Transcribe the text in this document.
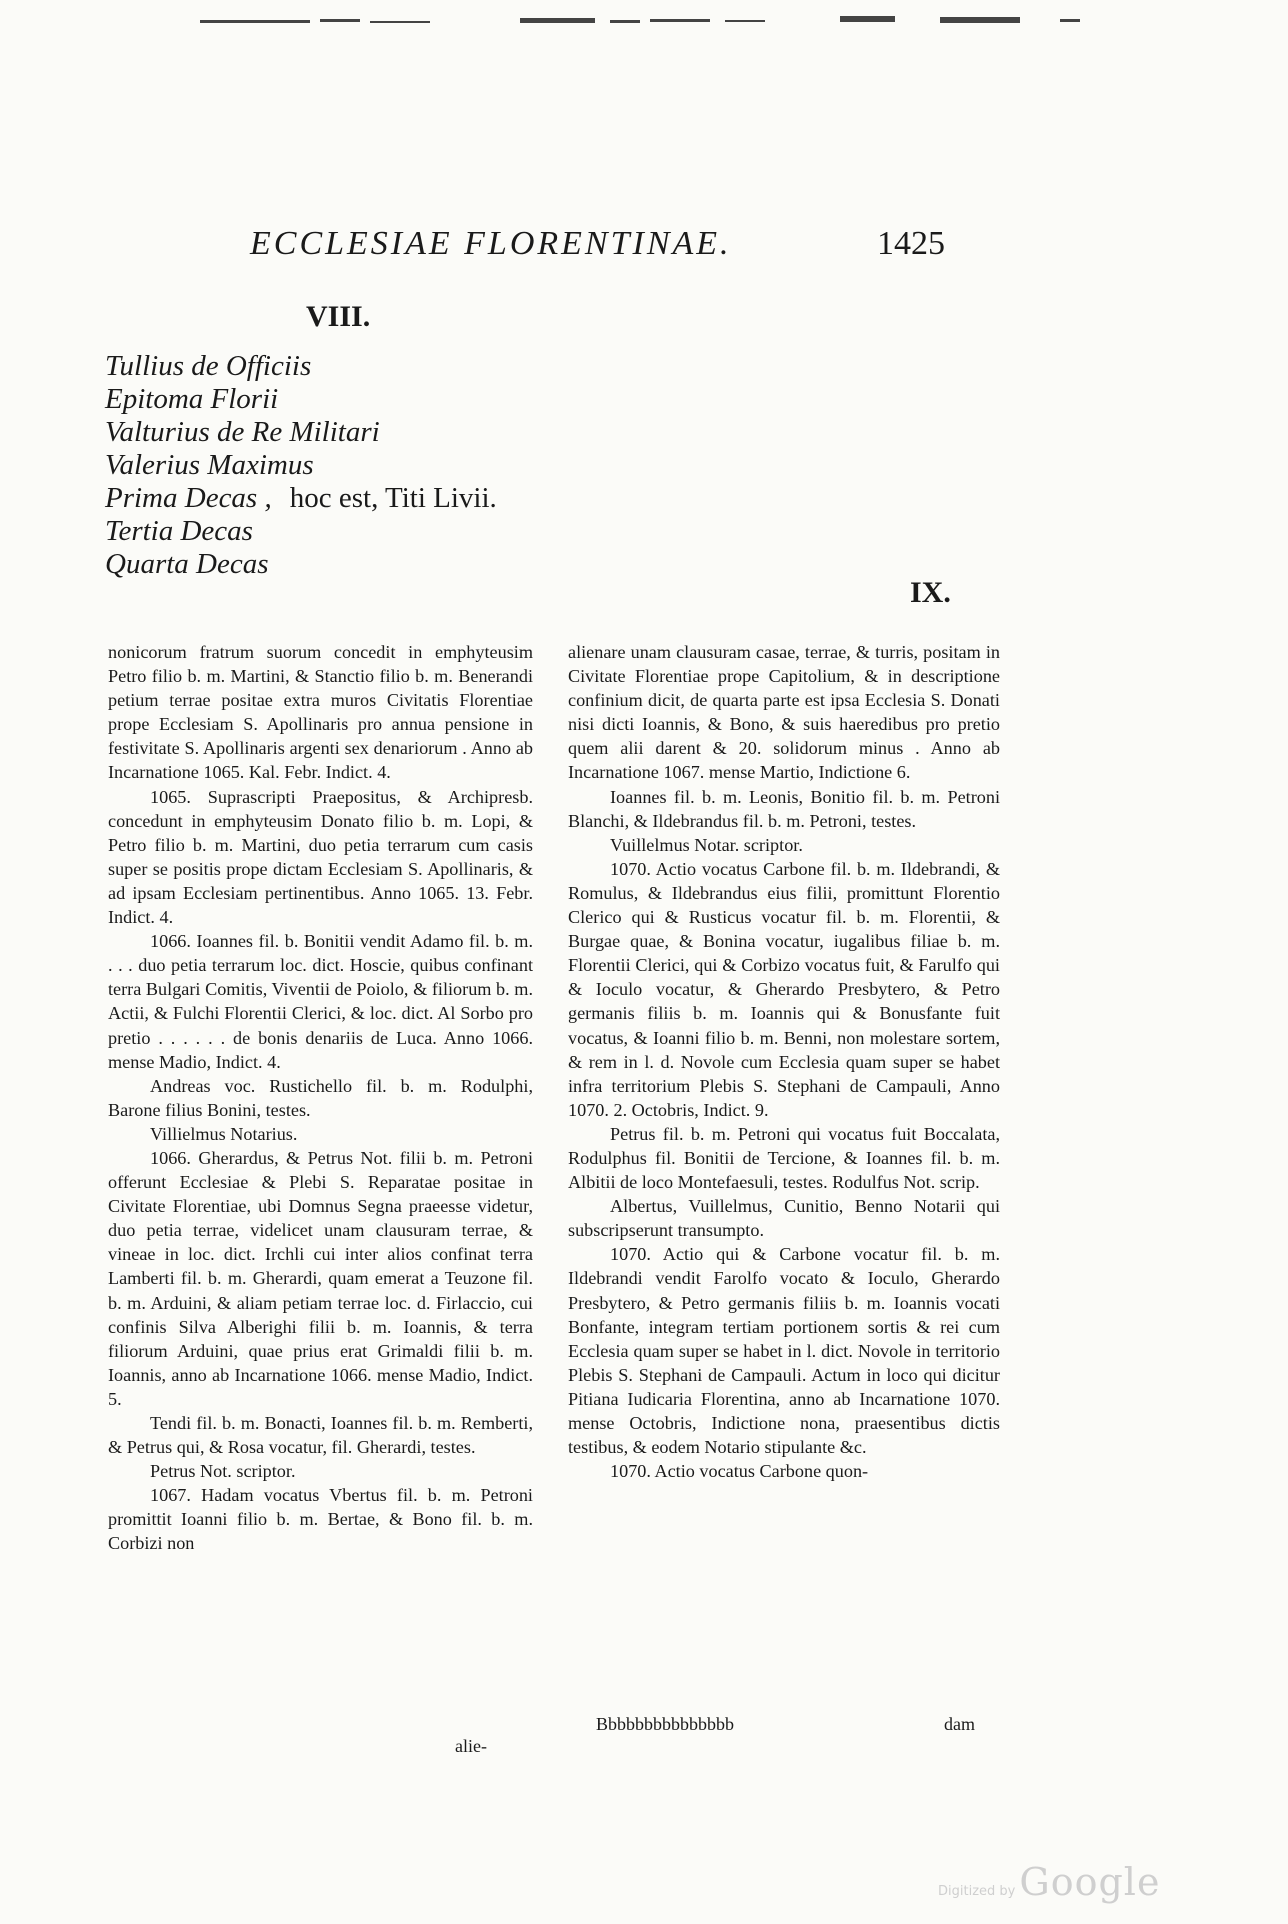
ECCLESIAE FLORENTINAE.	1425
VIII.
Tullius de Officiis
Epitoma Florii
Valturius de Re Militari
Valerius Maximus
Prima Decas , hoc est, Titi Livii.
Tertia Decas
Quarta Decas
IX.

nonicorum fratrum suorum concedit in emphyteusim Petro filio b. m. Martini, & Stanctio filio b. m. Benerandi petium terrae positae extra muros Civitatis Florentiae prope Ecclesiam S. Apollinaris pro annua pensione in festivitate S. Apollinaris argenti sex denariorum . Anno ab Incarnatione 1065. Kal. Febr. Indict. 4.

1065. Suprascripti Praepositus, & Archipresb. concedunt in emphyteusim Donato filio b. m. Lopi, & Petro filio b. m. Martini, duo petia terrarum cum casis super se positis prope dictam Ecclesiam S. Apollinaris, & ad ipsam Ecclesiam pertinentibus. Anno 1065. 13. Febr. Indict. 4.

1066. Ioannes fil. b. Bonitii vendit Adamo fil. b. m. . . . duo petia terrarum loc. dict. Hoscie, quibus confinant terra Bulgari Comitis, Viventii de Poiolo, & filiorum b. m. Actii, & Fulchi Florentii Clerici, & loc. dict. Al Sorbo pro pretio . . . . . . de bonis denariis de Luca. Anno 1066. mense Madio, Indict. 4.

Andreas voc. Rustichello fil. b. m. Rodulphi, Barone filius Bonini, testes.

Villielmus Notarius.

1066. Gherardus, & Petrus Not. filii b. m. Petroni offerunt Ecclesiae & Plebi S. Reparatae positae in Civitate Florentiae, ubi Domnus Segna praeesse videtur, duo petia terrae, videlicet unam clausuram terrae, & vineae in loc. dict. Irchli cui inter alios confinat terra Lamberti fil. b. m. Gherardi, quam emerat a Teuzone fil. b. m. Arduini, & aliam petiam terrae loc. d. Firlaccio, cui confinis Silva Alberighi filii b. m. Ioannis, & terra filiorum Arduini, quae prius erat Grimaldi filii b. m. Ioannis, anno ab Incarnatione 1066. mense Madio, Indict. 5.

Tendi fil. b. m. Bonacti, Ioannes fil. b. m. Remberti, & Petrus qui, & Rosa vocatur, fil. Gherardi, testes.

Petrus Not. scriptor.

1067. Hadam vocatus Vbertus fil. b. m. Petroni promittit Ioanni filio b. m. Bertae, & Bono fil. b. m. Corbizi non

alie-

alienare unam clausuram casae, terrae, & turris, positam in Civitate Florentiae prope Capitolium, & in descriptione confinium dicit, de quarta parte est ipsa Ecclesia S. Donati nisi dicti Ioannis, & Bono, & suis haeredibus pro pretio quem alii darent & 20. solidorum minus . Anno ab Incarnatione 1067. mense Martio, Indictione 6.

Ioannes fil. b. m. Leonis, Bonitio fil. b. m. Petroni Blanchi, & Ildebrandus fil. b. m. Petroni, testes.

Vuillelmus Notar. scriptor.

1070. Actio vocatus Carbone fil. b. m. Ildebrandi, & Romulus, & Ildebrandus eius filii, promittunt Florentio Clerico qui & Rusticus vocatur fil. b. m. Florentii, & Burgae quae, & Bonina vocatur, iugalibus filiae b. m. Florentii Clerici, qui & Corbizo vocatus fuit, & Farulfo qui & Ioculo vocatur, & Gherardo Presbytero, & Petro germanis filiis b. m. Ioannis qui & Bonusfante fuit vocatus, & Ioanni filio b. m. Benni, non molestare sortem, & rem in l. d. Novole cum Ecclesia quam super se habet infra territorium Plebis S. Stephani de Campauli, Anno 1070. 2. Octobris, Indict. 9.

Petrus fil. b. m. Petroni qui vocatus fuit Boccalata, Rodulphus fil. Bonitii de Tercione, & Ioannes fil. b. m. Albitii de loco Montefaesuli, testes. Rodulfus Not. scrip.

Albertus, Vuillelmus, Cunitio, Benno Notarii qui subscripserunt transumpto.

1070. Actio qui & Carbone vocatur fil. b. m. Ildebrandi vendit Farolfo vocato & Ioculo, Gherardo Presbytero, & Petro germanis filiis b. m. Ioannis vocati Bonfante, integram tertiam portionem sortis & rei cum Ecclesia quam super se habet in l. dict. Novole in territorio Plebis S. Stephani de Campauli. Actum in loco qui dicitur Pitiana Iudicaria Florentina, anno ab Incarnatione 1070. mense Octobris, Indictione nona, praesentibus dictis testibus, & eodem Notario stipulante &c.

1070. Actio vocatus Carbone quon-

Bbbbbbbbbbbbbbb	dam
Digitized by Google
